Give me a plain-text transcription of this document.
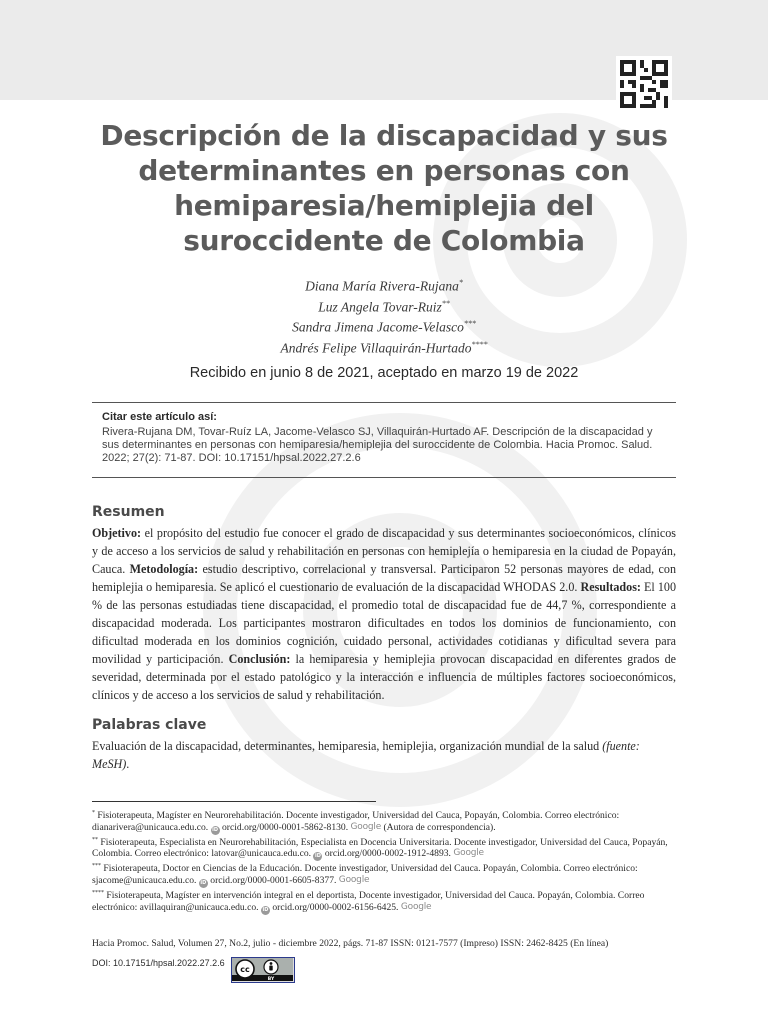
Descripción de la discapacidad y sus determinantes en personas con hemiparesia/hemiplejia del suroccidente de Colombia
Diana María Rivera-Rujana*
Luz Angela Tovar-Ruiz**
Sandra Jimena Jacome-Velasco***
Andrés Felipe Villaquirán-Hurtado****
Recibido en junio 8 de 2021, aceptado en marzo 19 de 2022
Citar este artículo así:
Rivera-Rujana DM, Tovar-Ruíz LA, Jacome-Velasco SJ, Villaquirán-Hurtado AF. Descripción de la discapacidad y sus determinantes en personas con hemiparesia/hemiplejia del suroccidente de Colombia. Hacia Promoc. Salud. 2022; 27(2): 71-87. DOI: 10.17151/hpsal.2022.27.2.6
Resumen

Objetivo: el propósito del estudio fue conocer el grado de discapacidad y sus determinantes socioeconómicos, clínicos y de acceso a los servicios de salud y rehabilitación en personas con hemiplejía o hemiparesia en la ciudad de Popayán, Cauca. Metodología: estudio descriptivo, correlacional y transversal. Participaron 52 personas mayores de edad, con hemiplejia o hemiparesia. Se aplicó el cuestionario de evaluación de la discapacidad WHODAS 2.0. Resultados: El 100 % de las personas estudiadas tiene discapacidad, el promedio total de discapacidad fue de 44,7 %, correspondiente a discapacidad moderada. Los participantes mostraron dificultades en todos los dominios de funcionamiento, con dificultad moderada en los dominios cognición, cuidado personal, actividades cotidianas y dificultad severa para movilidad y participación. Conclusión: la hemiparesia y hemiplejia provocan discapacidad en diferentes grados de severidad, determinada por el estado patológico y la interacción e influencia de múltiples factores socioeconómicos, clínicos y de acceso a los servicios de salud y rehabilitación.

Palabras clave

Evaluación de la discapacidad, determinantes, hemiparesia, hemiplejia, organización mundial de la salud (fuente: MeSH).

* Fisioterapeuta, Magíster en Neurorehabilitación. Docente investigador, Universidad del Cauca, Popayán, Colombia. Correo electrónico: dianarivera@unicauca.edu.co. iD orcid.org/0000-0001-5862-8130. Google (Autora de correspondencia).

** Fisioterapeuta, Especialista en Neurorehabilitación, Especialista en Docencia Universitaria. Docente investigador, Universidad del Cauca, Popayán, Colombia. Correo electrónico: latovar@unicauca.edu.co. iD orcid.org/0000-0002-1912-4893. Google

*** Fisioterapeuta, Doctor en Ciencias de la Educación. Docente investigador, Universidad del Cauca. Popayán, Colombia. Correo electrónico: sjacome@unicauca.edu.co. iD orcid.org/0000-0001-6605-8377. Google

**** Fisioterapeuta, Magíster en intervención integral en el deportista, Docente investigador, Universidad del Cauca. Popayán, Colombia. Correo electrónico: avillaquiran@unicauca.edu.co. iD orcid.org/0000-0002-6156-6425. Google

Hacia Promoc. Salud, Volumen 27, No.2, julio - diciembre 2022, págs. 71-87 ISSN: 0121-7577 (Impreso) ISSN: 2462-8425 (En línea)
DOI: 10.17151/hpsal.2022.27.2.6
cc
BY
